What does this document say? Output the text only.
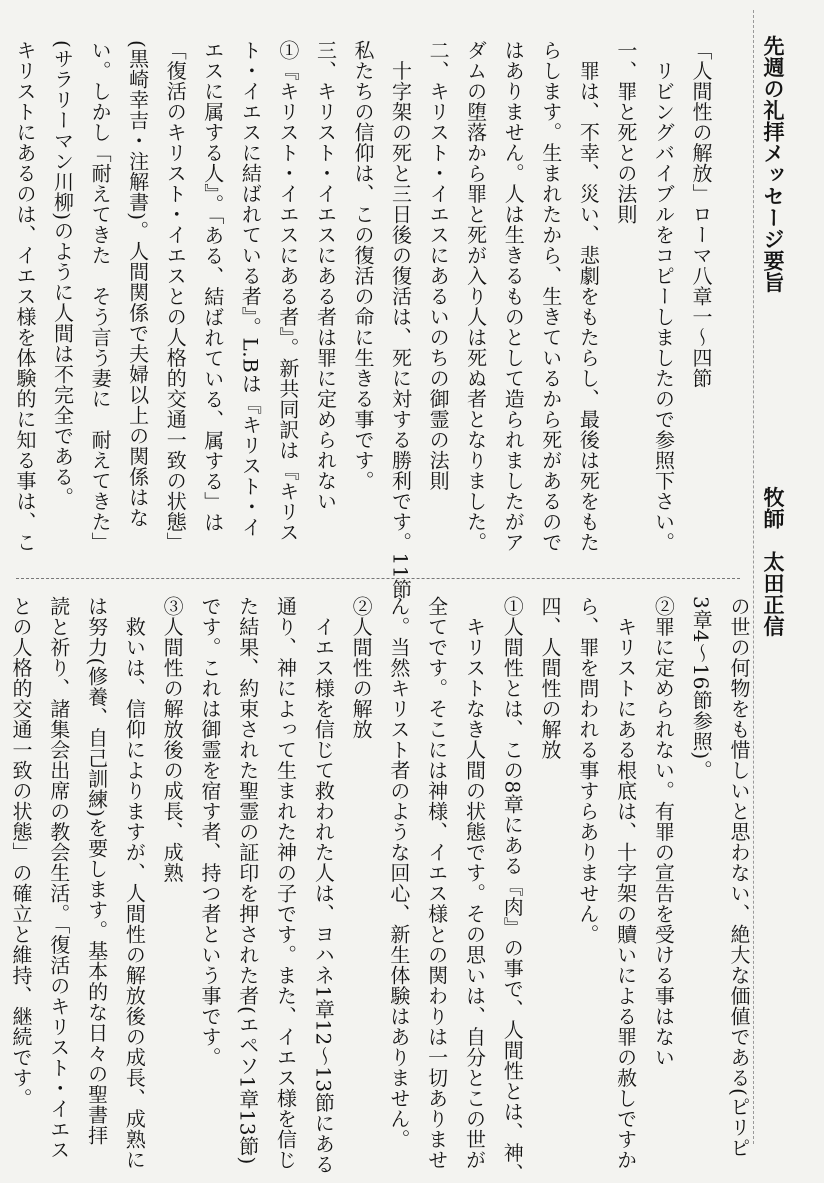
先週の礼拝メッセージ要旨　　　　　　　　　牧師　太田正信

「人間性の解放」ローマ八章一～四節
　リビングバイブルをコピーしましたので参照下さい。
一、罪と死との法則
　罪は、不幸、災い、悲劇をもたらし、最後は死をもた
らします。生まれたから、生きているから死があるので
はありません。人は生きるものとして造られましたがア
ダムの堕落から罪と死が入り人は死ぬ者となりました。
二、キリスト・イエスにあるいのちの御霊の法則
　十字架の死と三日後の復活は、死に対する勝利です。11節
私たちの信仰は、この復活の命に生きる事です。
三、キリスト・イエスにある者は罪に定められない
①『キリスト・イエスにある者』。新共同訳は『キリス
ト・イエスに結ばれている者』。L.Bは『キリスト・イ
エスに属する人』。「ある、結ばれている、属する」は
「復活のキリスト・イエスとの人格的交通一致の状態」
(黒崎幸吉・注解書)。人間関係で夫婦以上の関係はな
い。しかし「耐えてきた　そう言う妻に　耐えてきた」
(サラリーマン川柳)のように人間は不完全である。
キリストにあるのは、イエス様を体験的に知る事は、こ
の世の何物をも惜しいと思わない、絶大な価値である(ピリピ
3章4～16節参照)。
②罪に定められない。有罪の宣告を受ける事はない
　キリストにある根底は、十字架の贖いによる罪の赦しですか
ら、罪を問われる事すらありません。
四、人間性の解放
①人間性とは、この8章にある『肉』の事で、人間性とは、神、
　キリストなき人間の状態です。その思いは、自分とこの世が
全てです。そこには神様、イエス様との関わりは一切ありませ
ん。当然キリスト者のような回心、新生体験はありません。
②人間性の解放
　イエス様を信じて救われた人は、ヨハネ1章12～13節にある
通り、神によって生まれた神の子です。また、イエス様を信じ
た結果、約束された聖霊の証印を押された者(エペソ1章13節)
です。これは御霊を宿す者、持つ者という事です。
③人間性の解放後の成長、成熟
　救いは、信仰によりますが、人間性の解放後の成長、成熟に
は努力(修養、自己訓練)を要します。基本的な日々の聖書拝
読と祈り、諸集会出席の教会生活。「復活のキリスト・イエス
との人格的交通一致の状態」の確立と維持、継続です。
